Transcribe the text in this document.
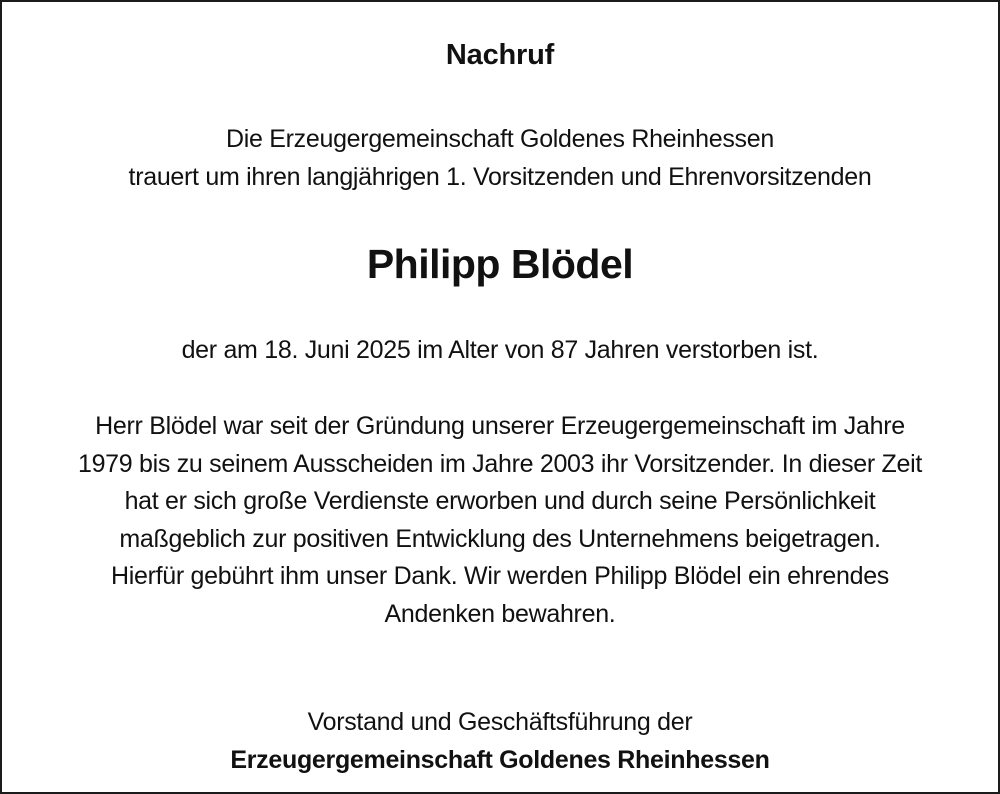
Nachruf
Die Erzeugergemeinschaft Goldenes Rheinhessen
trauert um ihren langjährigen 1. Vorsitzenden und Ehrenvorsitzenden
Philipp Blödel
der am 18. Juni 2025 im Alter von 87 Jahren verstorben ist.
Herr Blödel war seit der Gründung unserer Erzeugergemeinschaft im Jahre
1979 bis zu seinem Ausscheiden im Jahre 2003 ihr Vorsitzender. In dieser Zeit
hat er sich große Verdienste erworben und durch seine Persönlichkeit
maßgeblich zur positiven Entwicklung des Unternehmens beigetragen.
Hierfür gebührt ihm unser Dank. Wir werden Philipp Blödel ein ehrendes
Andenken bewahren.
Vorstand und Geschäftsführung der
Erzeugergemeinschaft Goldenes Rheinhessen
